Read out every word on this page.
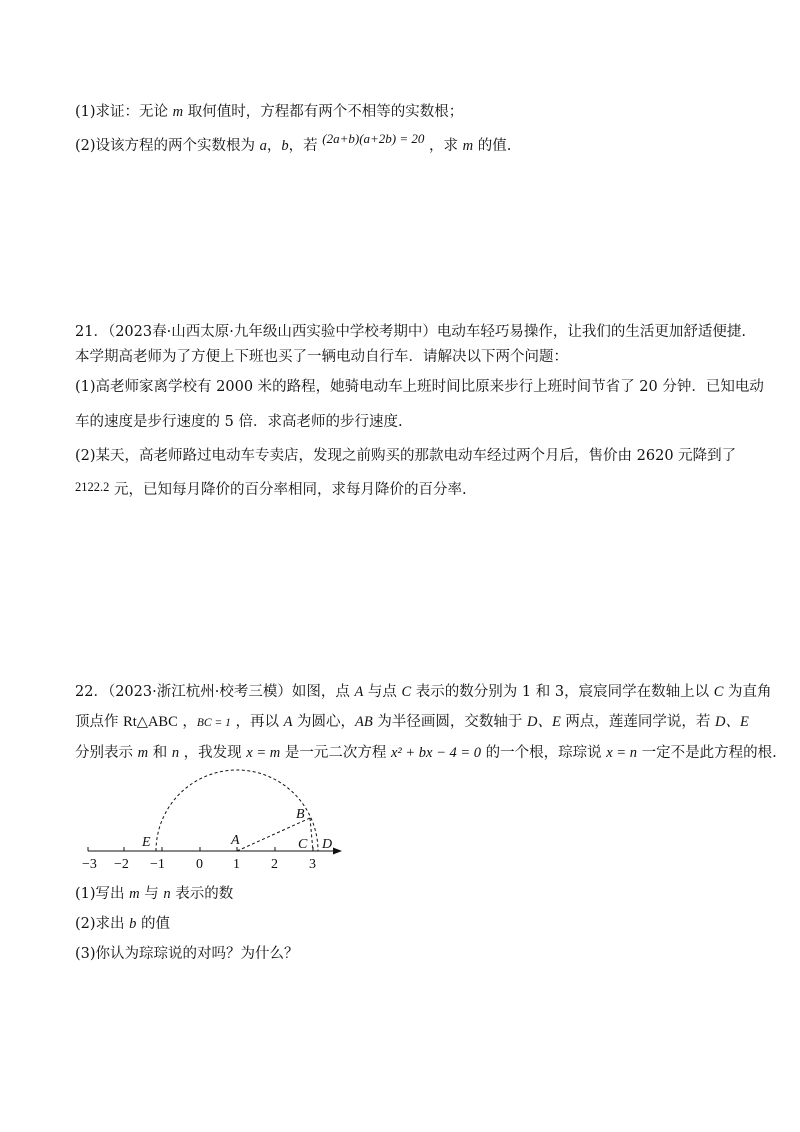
(1)求证：无论 m 取何值时，方程都有两个不相等的实数根；
(2)设该方程的两个实数根为 a，b，若 (2a+b)(a+2b) = 20 ，求 m 的值.
21．（2023春·山西太原·九年级山西实验中学校考期中）电动车轻巧易操作，让我们的生活更加舒适便捷.
本学期高老师为了方便上下班也买了一辆电动自行车．请解决以下两个问题：
(1)高老师家离学校有 2000 米的路程，她骑电动车上班时间比原来步行上班时间节省了 20 分钟．已知电动
车的速度是步行速度的 5 倍．求高老师的步行速度.
(2)某天，高老师路过电动车专卖店，发现之前购买的那款电动车经过两个月后，售价由 2620 元降到了
2122.2 元，已知每月降价的百分率相同，求每月降价的百分率.
22．（2023·浙江杭州·校考三模）如图，点 A 与点 C 表示的数分别为 1 和 3，宸宸同学在数轴上以 C 为直角
顶点作 Rt△ABC ，BC = 1 ，再以 A 为圆心，AB 为半径画圆，交数轴于 D、E 两点，莲莲同学说，若 D、E
分别表示 m 和 n ，我发现 x = m 是一元二次方程 x² + bx − 4 = 0 的一个根，琮琮说 x = n 一定不是此方程的根.
−3 −2 −1 0 1 2 3
E	A
B
C D
(1)写出 m 与 n 表示的数
(2)求出 b 的值
(3)你认为琮琮说的对吗？为什么？
